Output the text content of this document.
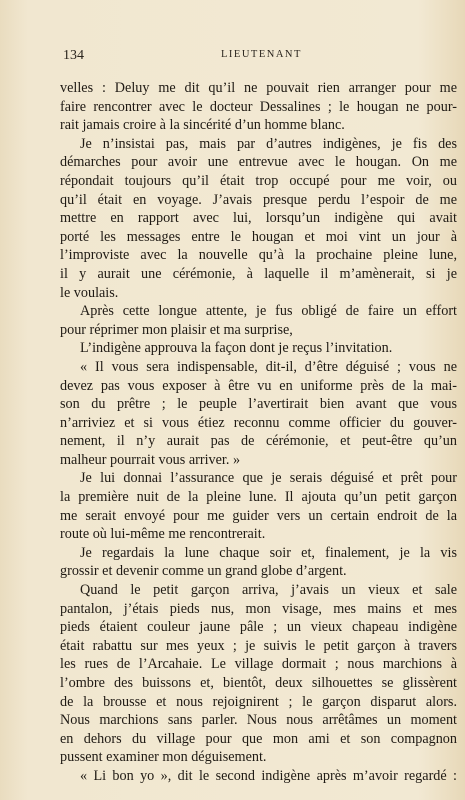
134	LIEUTENANT
velles : Deluy me dit qu’il ne pouvait rien arranger pour me
faire rencontrer avec le docteur Dessalines ; le hougan ne pour-
rait jamais croire à la sincérité d’un homme blanc.
Je n’insistai pas, mais par d’autres indigènes, je fis des
démarches pour avoir une entrevue avec le hougan. On me
répondait toujours qu’il était trop occupé pour me voir, ou
qu’il était en voyage. J’avais presque perdu l’espoir de me
mettre en rapport avec lui, lorsqu’un indigène qui avait
porté les messages entre le hougan et moi vint un jour à
l’improviste avec la nouvelle qu’à la prochaine pleine lune,
il y aurait une cérémonie, à laquelle il m’amènerait, si je
le voulais.
Après cette longue attente, je fus obligé de faire un effort
pour réprimer mon plaisir et ma surprise,
L’indigène approuva la façon dont je reçus l’invitation.
« Il vous sera indispensable, dit-il, d’être déguisé ; vous ne
devez pas vous exposer à être vu en uniforme près de la mai-
son du prêtre ; le peuple l’avertirait bien avant que vous
n’arriviez et si vous étiez reconnu comme officier du gouver-
nement, il n’y aurait pas de cérémonie, et peut-être qu’un
malheur pourrait vous arriver. »
Je lui donnai l’assurance que je serais déguisé et prêt pour
la première nuit de la pleine lune. Il ajouta qu’un petit garçon
me serait envoyé pour me guider vers un certain endroit de la
route où lui-même me rencontrerait.
Je regardais la lune chaque soir et, finalement, je la vis
grossir et devenir comme un grand globe d’argent.
Quand le petit garçon arriva, j’avais un vieux et sale
pantalon, j’étais pieds nus, mon visage, mes mains et mes
pieds étaient couleur jaune pâle ; un vieux chapeau indigène
était rabattu sur mes yeux ; je suivis le petit garçon à travers
les rues de l’Arcahaie. Le village dormait ; nous marchions à
l’ombre des buissons et, bientôt, deux silhouettes se glissèrent
de la brousse et nous rejoignirent ; le garçon disparut alors.
Nous marchions sans parler. Nous nous arrêtâmes un moment
en dehors du village pour que mon ami et son compagnon
pussent examiner mon déguisement.
« Li bon yo », dit le second indigène après m’avoir regardé :
